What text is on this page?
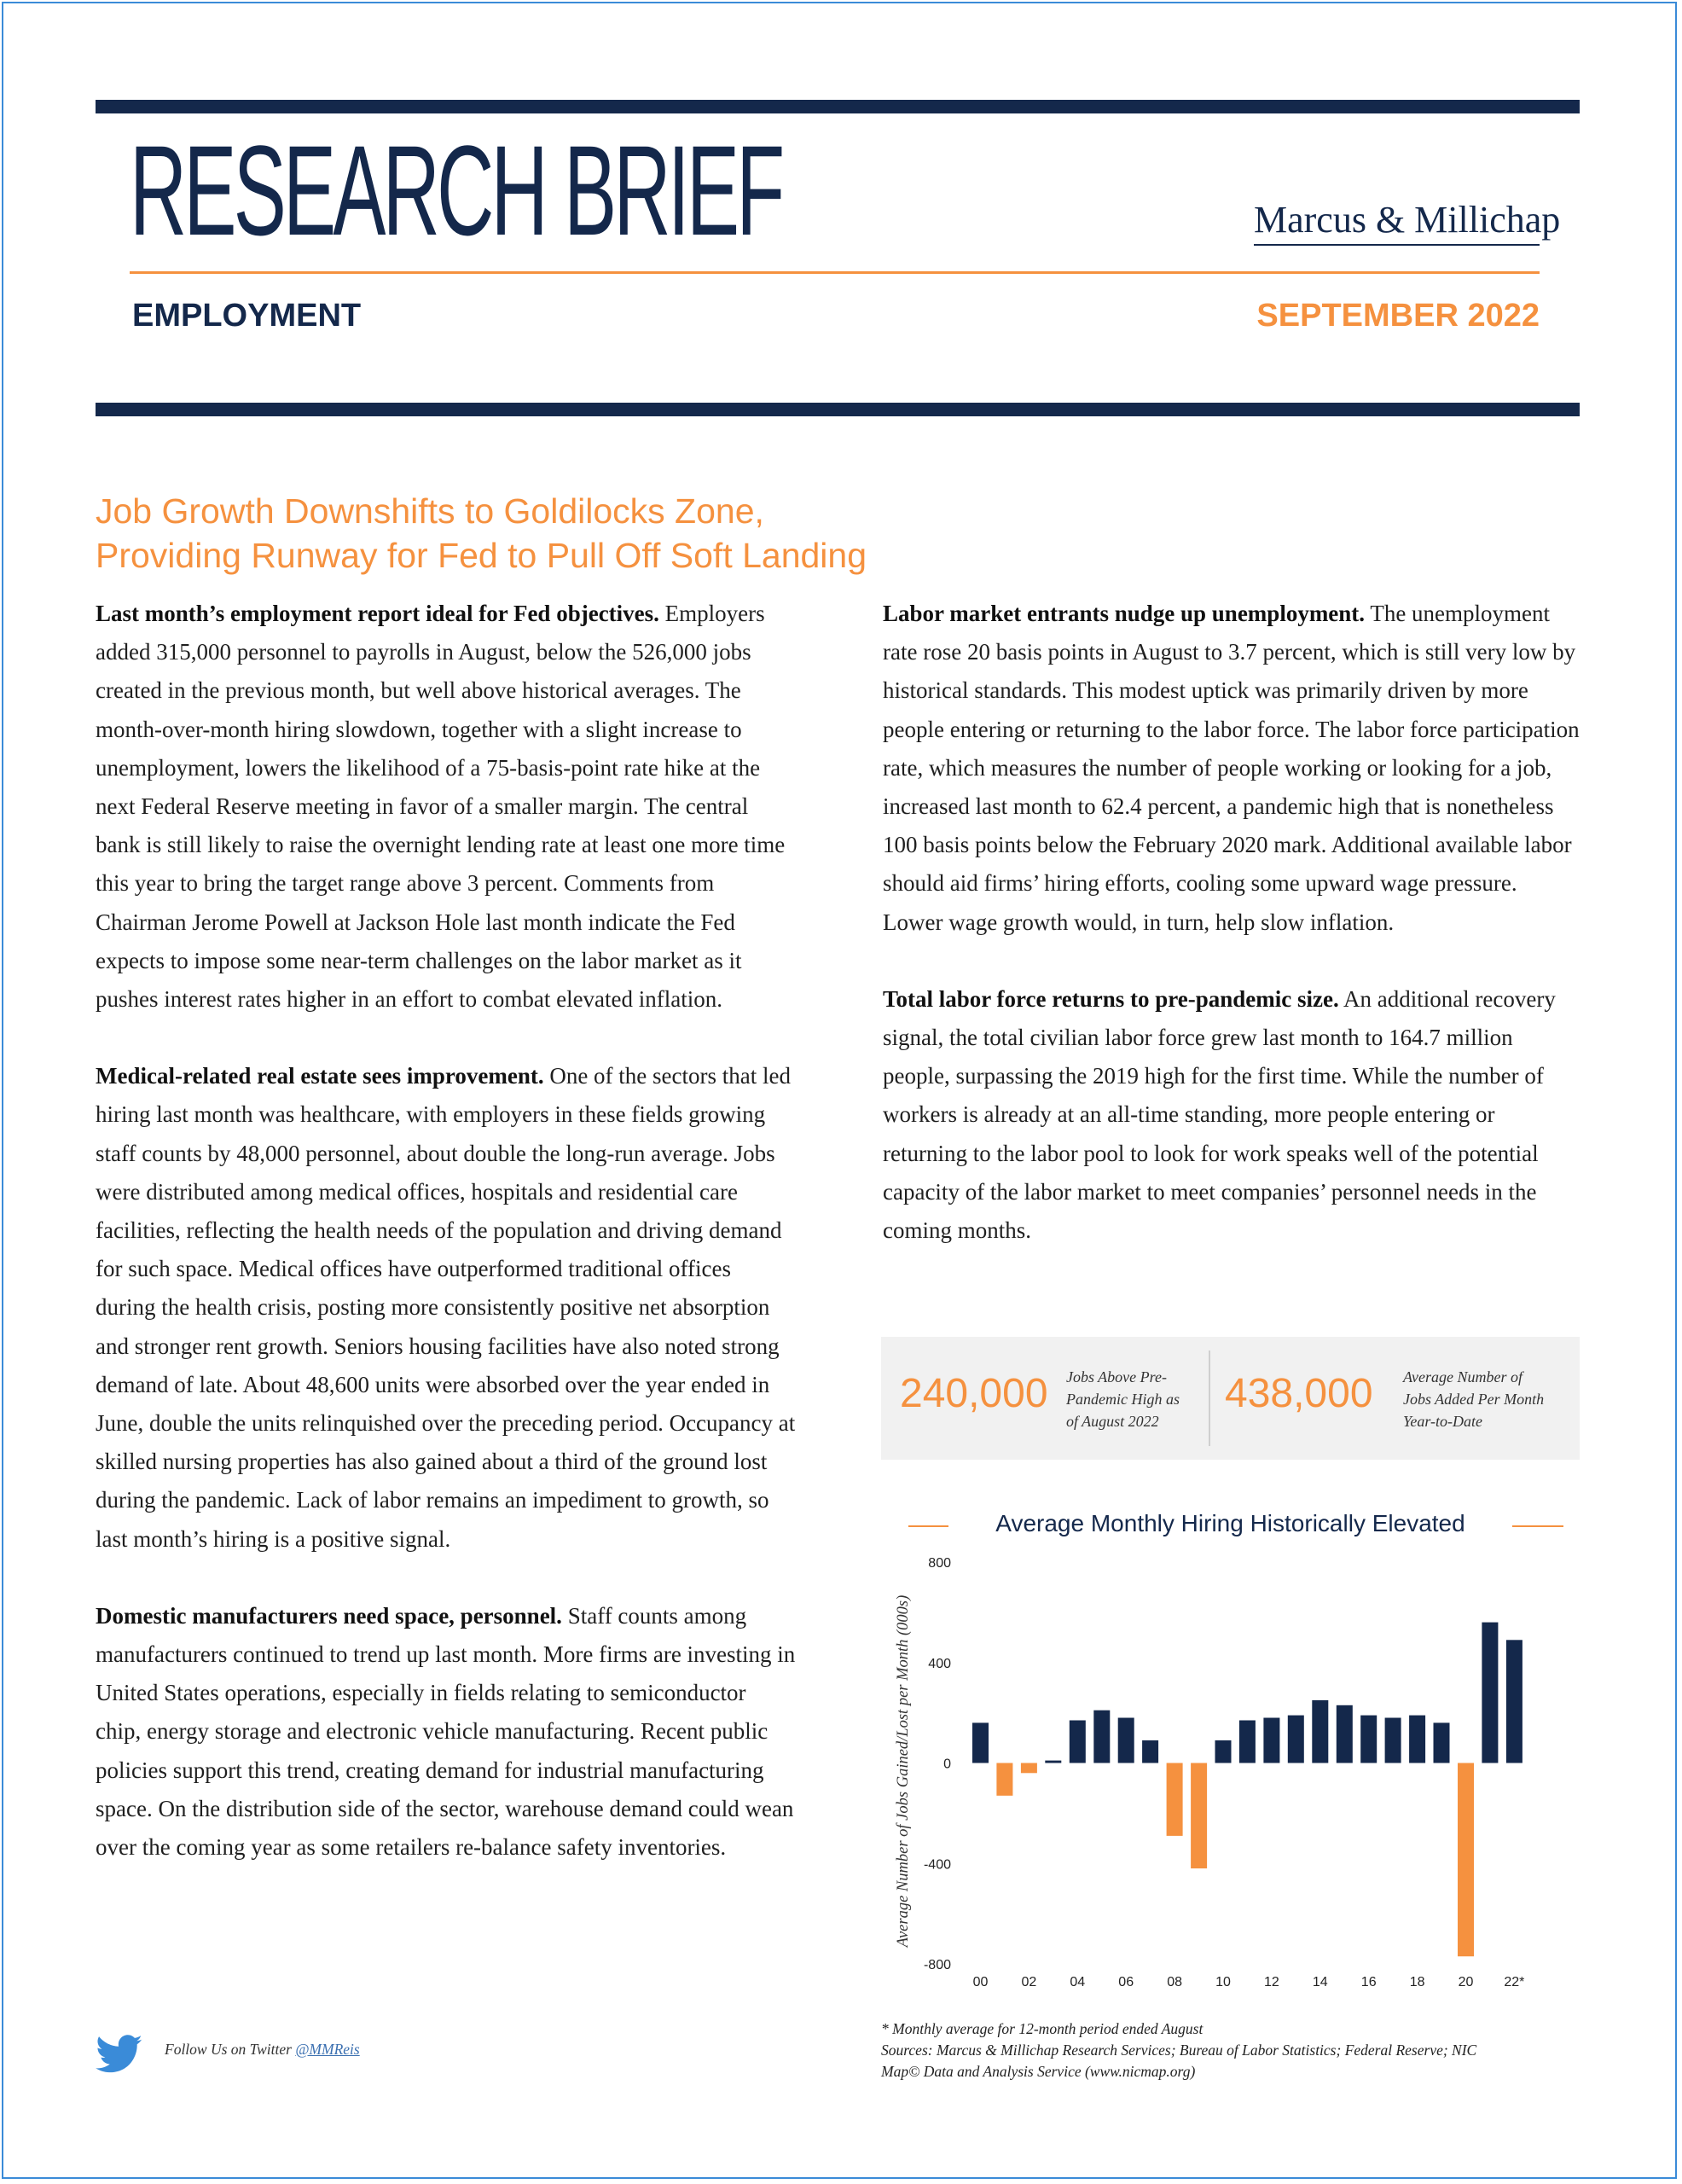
RESEARCH BRIEF	Marcus & Millichap
EMPLOYMENT	SEPTEMBER 2022
Job Growth Downshifts to Goldilocks Zone,
Providing Runway for Fed to Pull Off Soft Landing

Last month’s employment report ideal for Fed objectives. Employers added 315,000 personnel to payrolls in August, below the 526,000 jobs created in the previous month, but well above historical averages. The month-over-month hiring slowdown, together with a slight increase to unemployment, lowers the likelihood of a 75-basis-point rate hike at the next Federal Reserve meeting in favor of a smaller margin. The central bank is still likely to raise the overnight lending rate at least one more time this year to bring the target range above 3 percent. Comments from Chairman Jerome Powell at Jackson Hole last month indicate the Fed expects to impose some near-term challenges on the labor market as it pushes interest rates higher in an effort to combat elevated inflation.

Medical-related real estate sees improvement. One of the sectors that led hiring last month was healthcare, with employers in these fields growing staff counts by 48,000 personnel, about double the long-run average. Jobs were distributed among medical offices, hospitals and residential care facilities, reflecting the health needs of the population and driving demand for such space. Medical offices have outperformed traditional offices during the health crisis, posting more consistently positive net absorption and stronger rent growth. Seniors housing facilities have also noted strong demand of late. About 48,600 units were absorbed over the year ended in June, double the units relinquished over the preceding period. Occupancy at skilled nursing properties has also gained about a third of the ground lost during the pandemic. Lack of labor remains an impediment to growth, so last month’s hiring is a positive signal.

Domestic manufacturers need space, personnel. Staff counts among manufacturers continued to trend up last month. More firms are investing in United States operations, especially in fields relating to semiconductor chip, energy storage and electronic vehicle manufacturing. Recent public policies support this trend, creating demand for industrial manufacturing space. On the distribution side of the sector, warehouse demand could wean over the coming year as some retailers re-balance safety inventories.

Labor market entrants nudge up unemployment. The unemployment rate rose 20 basis points in August to 3.7 percent, which is still very low by historical standards. This modest uptick was primarily driven by more people entering or returning to the labor force. The labor force participation rate, which measures the number of people working or looking for a job, increased last month to 62.4 percent, a pandemic high that is nonetheless 100 basis points below the February 2020 mark. Additional available labor should aid firms’ hiring efforts, cooling some upward wage pressure. Lower wage growth would, in turn, help slow inflation.

Total labor force returns to pre-pandemic size. An additional recovery signal, the total civilian labor force grew last month to 164.7 million people, surpassing the 2019 high for the first time. While the number of workers is already at an all-time standing, more people entering or returning to the labor pool to look for work speaks well of the potential capacity of the labor market to meet companies’ personnel needs in the coming months.

240,000 Jobs Above Pre-
Pandemic High as
of August 2022
438,000 Average Number of
Jobs Added Per Month
Year-to-Date
Average Monthly Hiring Historically Elevated
Average Number of Jobs Gained/Lost per Month (000s)
800
400
0
-400
-800
00 02 04 06 08 10 12 14 16 18 20 22*
* Monthly average for 12-month period ended August
Sources: Marcus & Millichap Research Services; Bureau of Labor Statistics; Federal Reserve; NIC
Map© Data and Analysis Service (www.nicmap.org)
Follow Us on Twitter @MMReis
